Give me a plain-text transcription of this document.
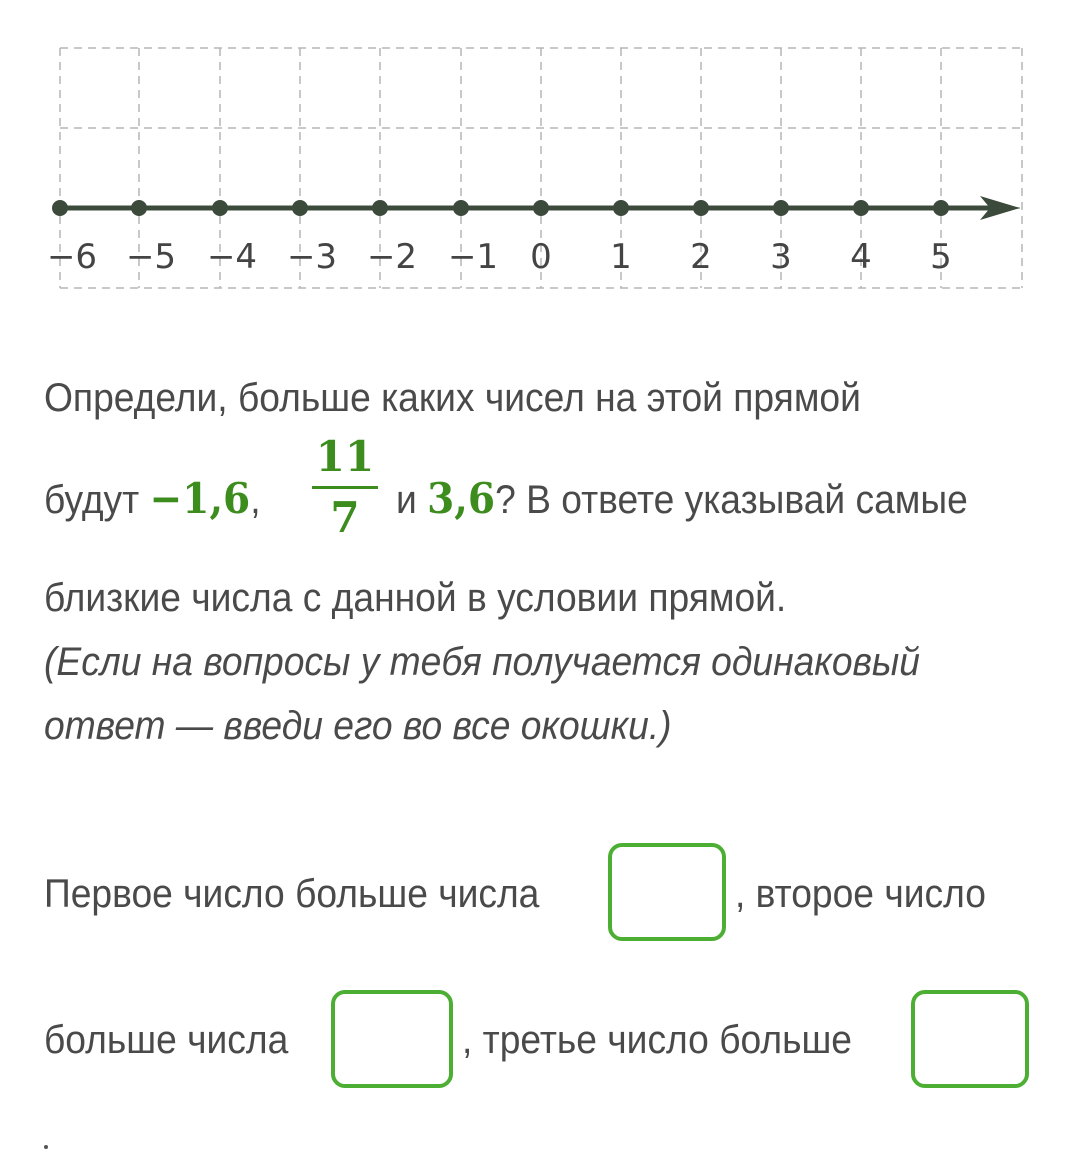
−6 −5 −4 −3 −2 −1 0 1 2 3 4 5
Определи, больше каких чисел на этой прямой
будут −1,6,
11
7 и 3,6? В ответе указывай самые
близкие числа с данной в условии прямой.
(Если на вопросы у тебя получается одинаковый
ответ — введи его во все окошки.)
Первое число больше числа	, второе число
больше числа	, третье число больше
